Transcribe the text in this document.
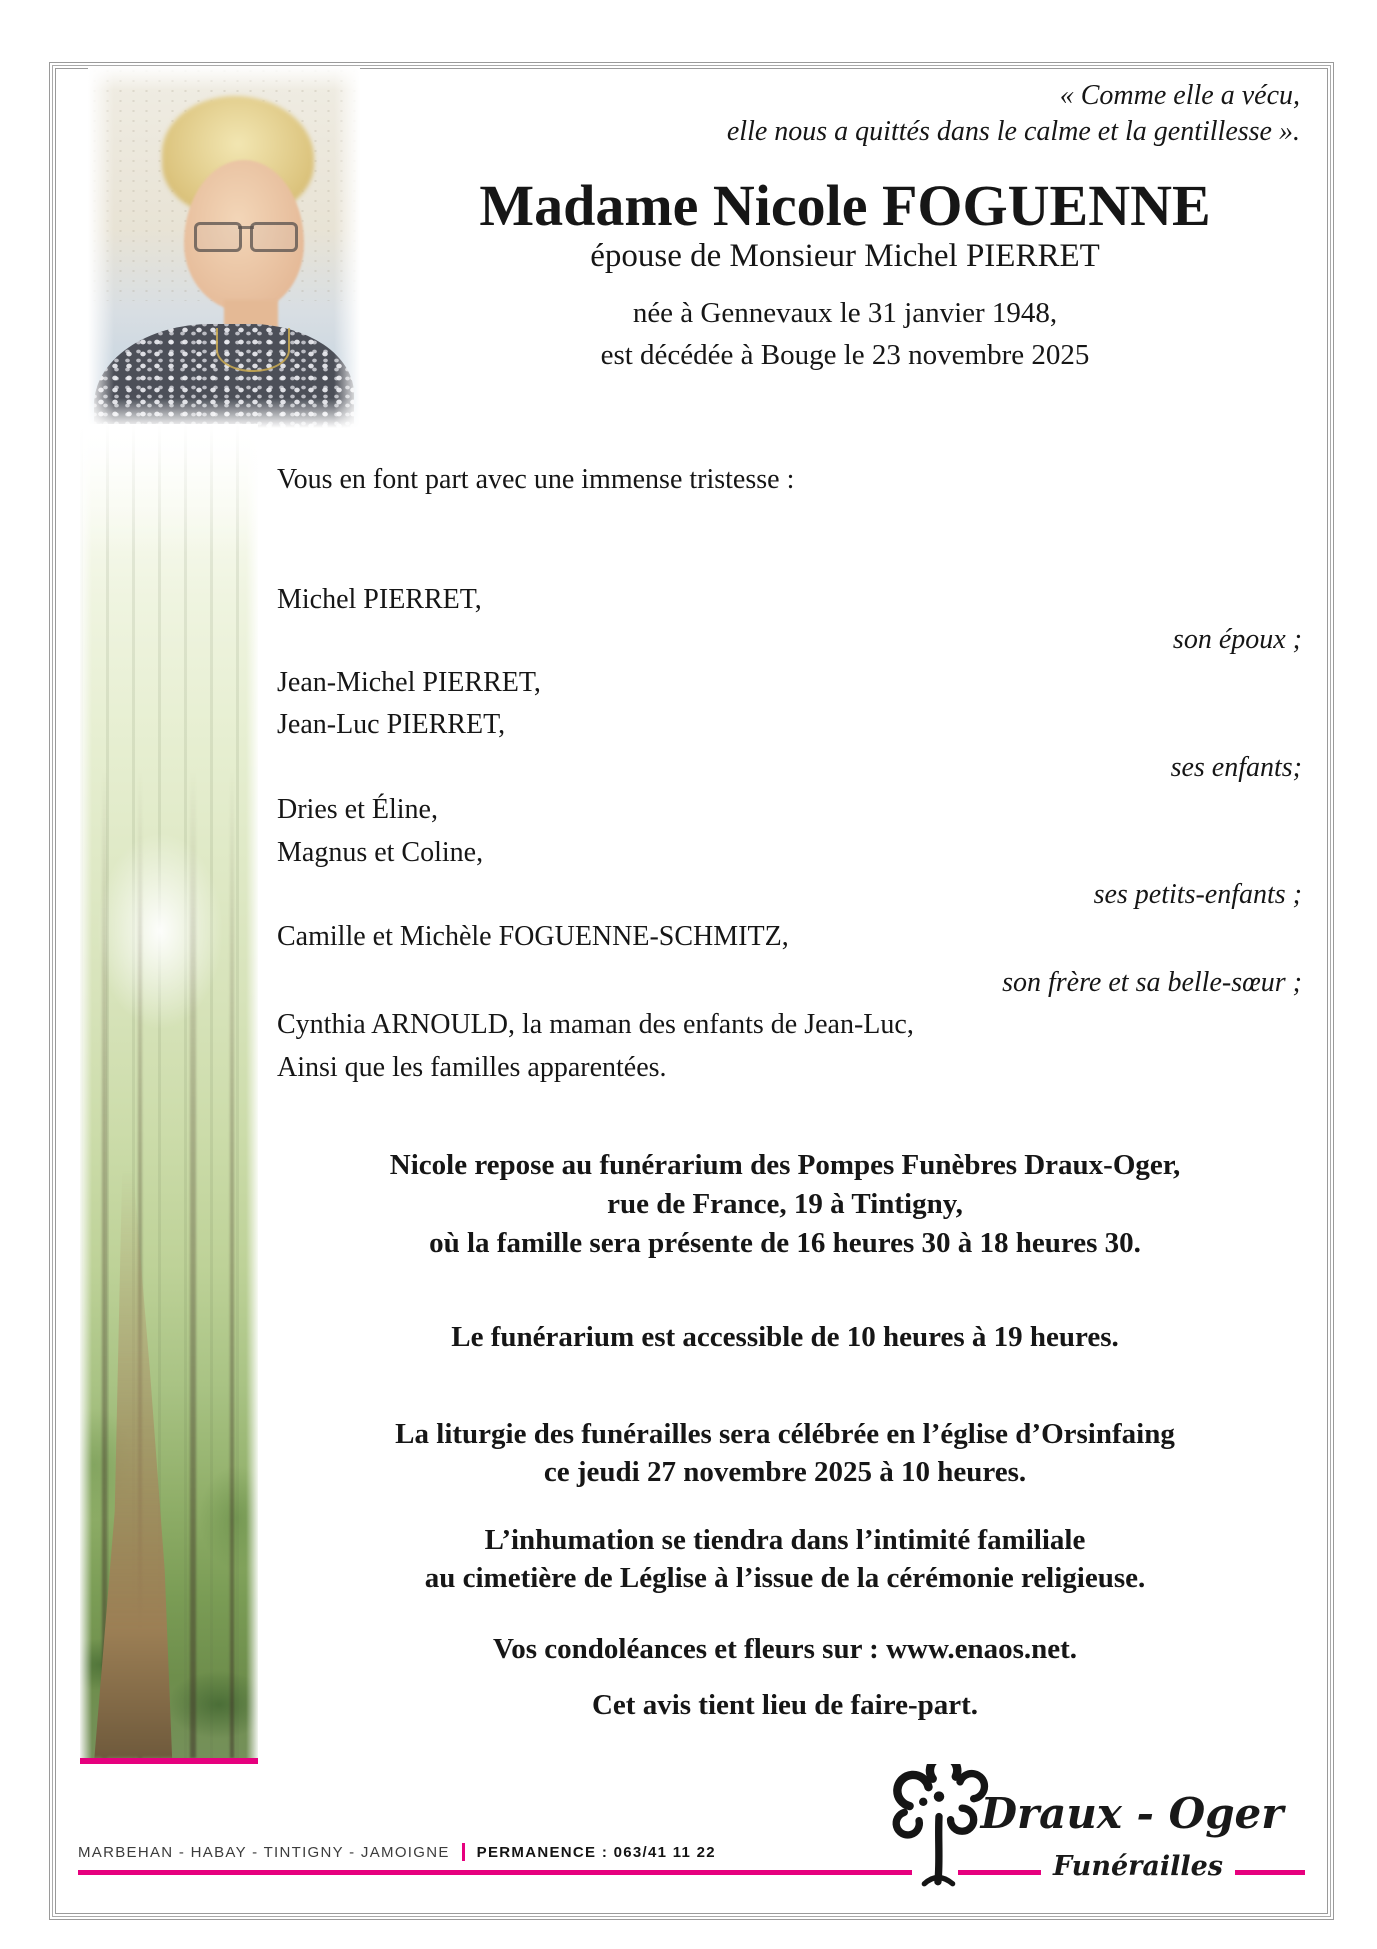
« Comme elle a vécu,
elle nous a quittés dans le calme et la gentillesse ».
Madame Nicole FOGUENNE
épouse de Monsieur Michel PIERRET
née à Gennevaux le 31 janvier 1948,
est décédée à Bouge le 23 novembre 2025
Vous en font part avec une immense tristesse :
Michel PIERRET,
son époux ;
Jean-Michel PIERRET,
Jean-Luc PIERRET,
ses enfants;
Dries et Éline,
Magnus et Coline,
ses petits-enfants ;
Camille et Michèle FOGUENNE-SCHMITZ,
son frère et sa belle-sœur ;
Cynthia ARNOULD, la maman des enfants de Jean-Luc,
Ainsi que les familles apparentées.
Nicole repose au funérarium des Pompes Funèbres Draux-Oger,
rue de France, 19 à Tintigny,
où la famille sera présente de 16 heures 30 à 18 heures 30.
Le funérarium est accessible de 10 heures à 19 heures.
La liturgie des funérailles sera célébrée en l’église d’Orsinfaing
ce jeudi 27 novembre 2025 à 10 heures.
L’inhumation se tiendra dans l’intimité familiale
au cimetière de Léglise à l’issue de la cérémonie religieuse.
Vos condoléances et fleurs sur : www.enaos.net.
Cet avis tient lieu de faire-part.
MARBEHAN - HABAY - TINTIGNY - JAMOIGNE PERMANENCE : 063/41 11 22
Draux - Oger
Funérailles
